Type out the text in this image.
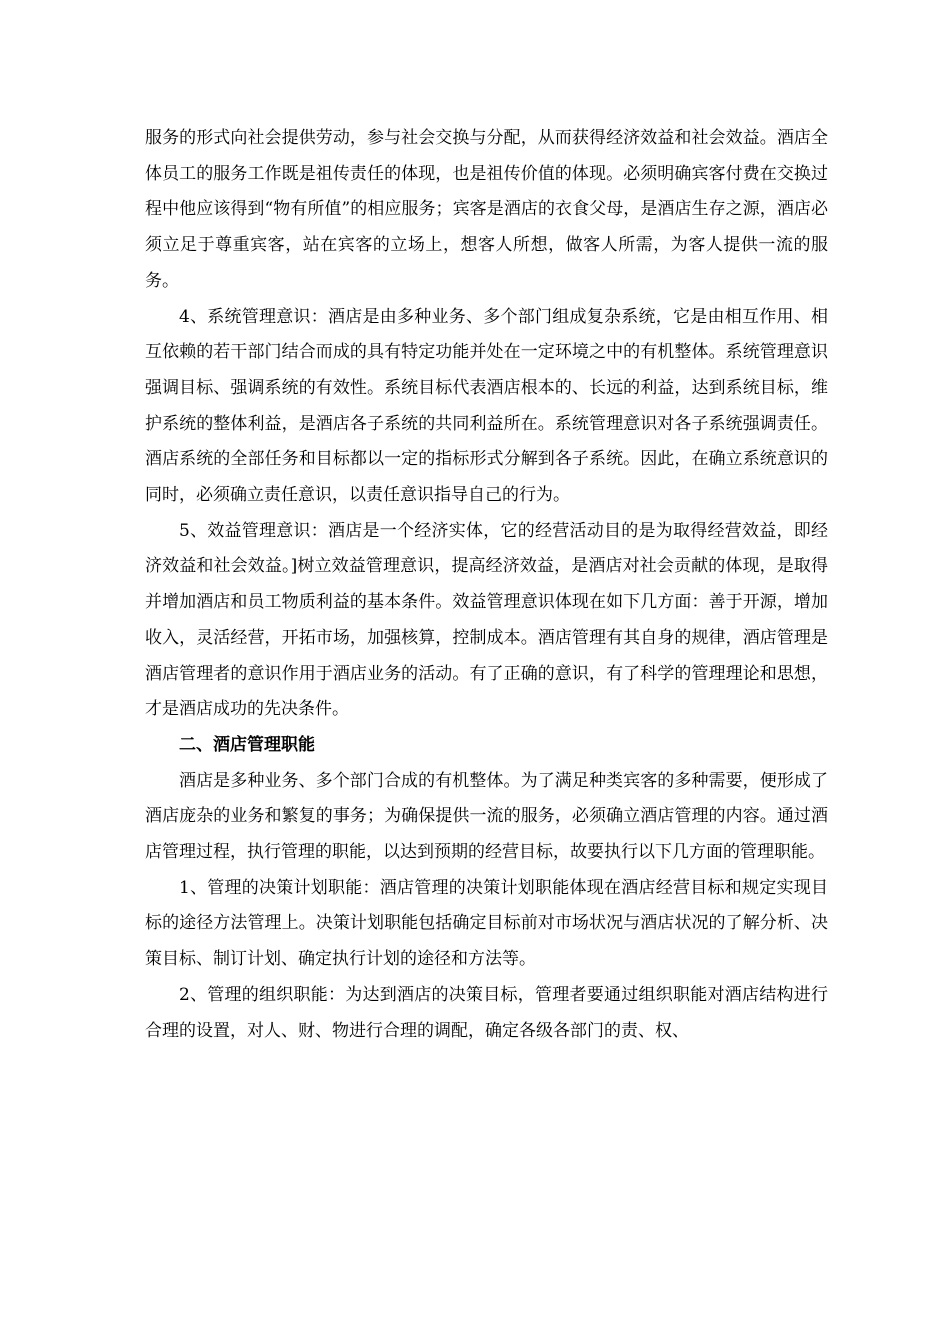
服务的形式向社会提供劳动，参与社会交换与分配，从而获得经济效益和社会效益。酒店全体员工的服务工作既是祖传责任的体现，也是祖传价值的体现。必须明确宾客付费在交换过程中他应该得到“物有所值”的相应服务；宾客是酒店的衣食父母，是酒店生存之源，酒店必须立足于尊重宾客，站在宾客的立场上，想客人所想，做客人所需，为客人提供一流的服务。

4、系统管理意识：酒店是由多种业务、多个部门组成复杂系统，它是由相互作用、相互依赖的若干部门结合而成的具有特定功能并处在一定环境之中的有机整体。系统管理意识强调目标、强调系统的有效性。系统目标代表酒店根本的、长远的利益，达到系统目标，维护系统的整体利益，是酒店各子系统的共同利益所在。系统管理意识对各子系统强调责任。酒店系统的全部任务和目标都以一定的指标形式分解到各子系统。因此，在确立系统意识的同时，必须确立责任意识，以责任意识指导自己的行为。

5、效益管理意识：酒店是一个经济实体，它的经营活动目的是为取得经营效益，即经济效益和社会效益。]树立效益管理意识，提高经济效益，是酒店对社会贡献的体现，是取得并增加酒店和员工物质利益的基本条件。效益管理意识体现在如下几方面：善于开源，增加收入，灵活经营，开拓市场，加强核算，控制成本。酒店管理有其自身的规律，酒店管理是酒店管理者的意识作用于酒店业务的活动。有了正确的意识，有了科学的管理理论和思想，才是酒店成功的先决条件。

二、酒店管理职能

酒店是多种业务、多个部门合成的有机整体。为了满足种类宾客的多种需要，便形成了酒店庞杂的业务和繁复的事务；为确保提供一流的服务，必须确立酒店管理的内容。通过酒店管理过程，执行管理的职能，以达到预期的经营目标，故要执行以下几方面的管理职能。

1、管理的决策计划职能：酒店管理的决策计划职能体现在酒店经营目标和规定实现目标的途径方法管理上。决策计划职能包括确定目标前对市场状况与酒店状况的了解分析、决策目标、制订计划、确定执行计划的途径和方法等。

2、管理的组织职能：为达到酒店的决策目标，管理者要通过组织职能对酒店结构进行合理的设置，对人、财、物进行合理的调配，确定各级各部门的责、权、
